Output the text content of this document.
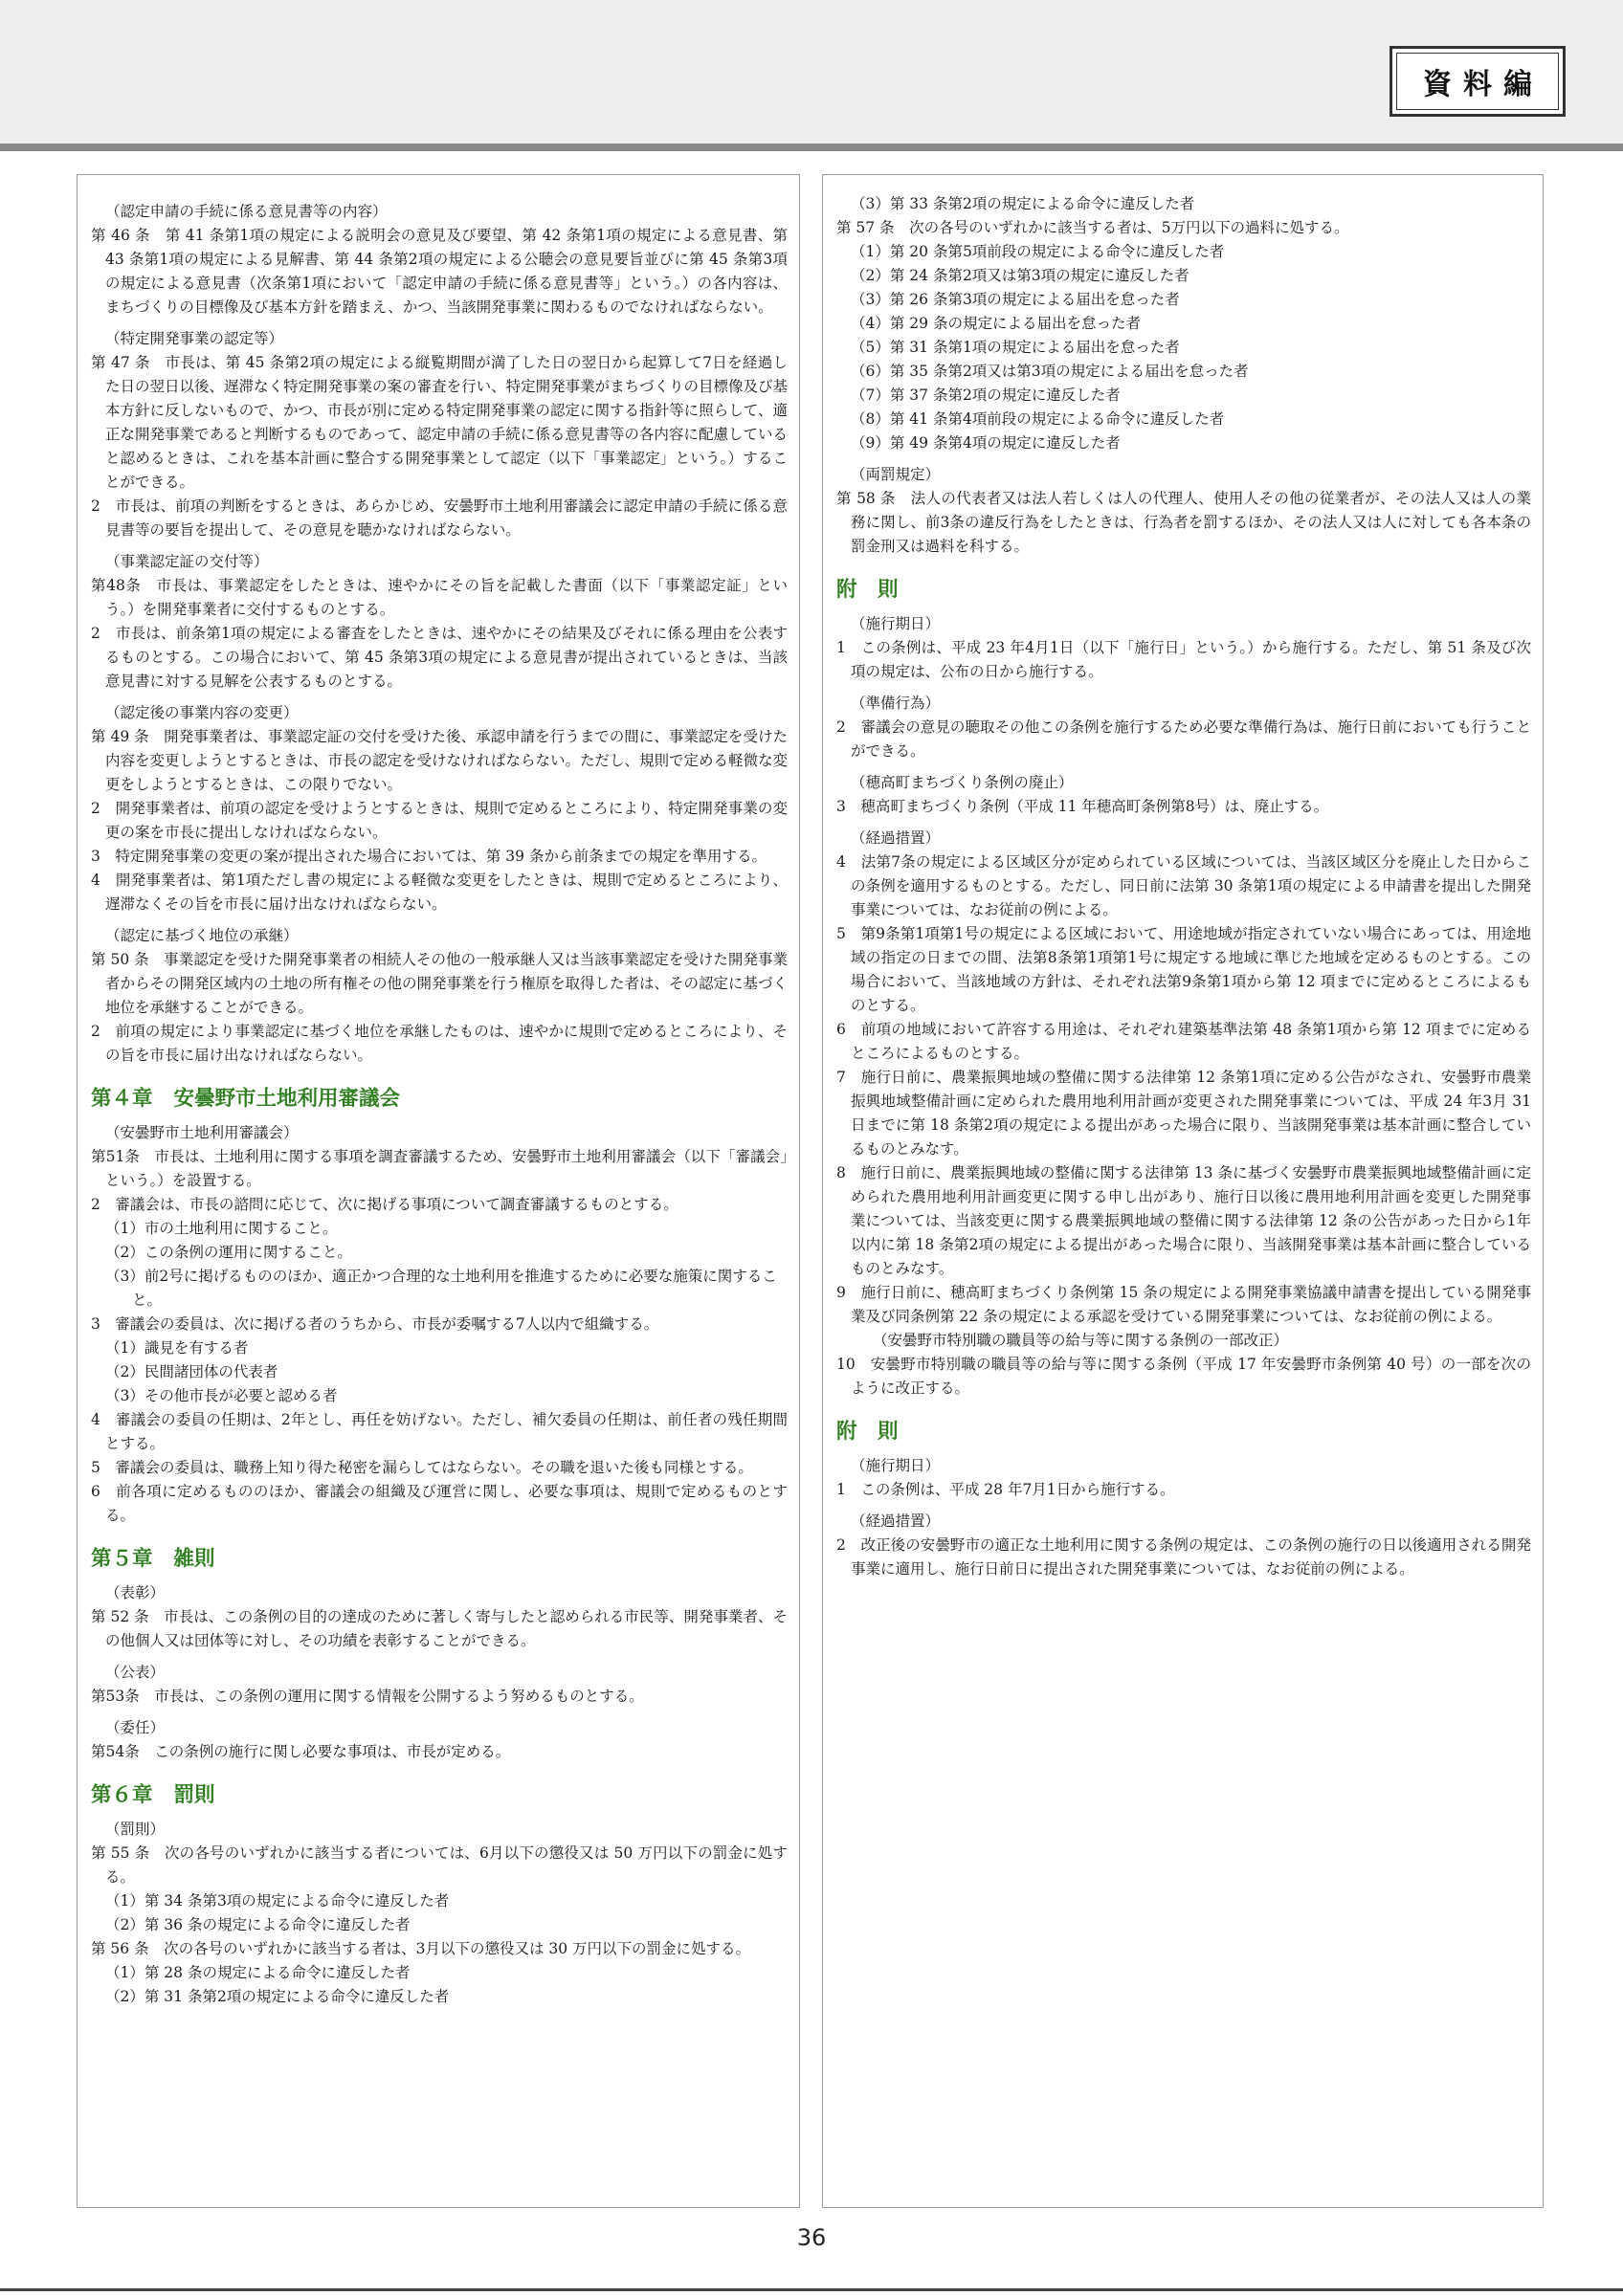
資料編
（認定申請の手続に係る意見書等の内容）
第 46 条　第 41 条第1項の規定による説明会の意見及び要望、第 42 条第1項の規定による意見書、第 43 条第1項の規定による見解書、第 44 条第2項の規定による公聴会の意見要旨並びに第 45 条第3項の規定による意見書（次条第1項において「認定申請の手続に係る意見書等」という。）の各内容は、まちづくりの目標像及び基本方針を踏まえ、かつ、当該開発事業に関わるものでなければならない。
（特定開発事業の認定等）
第 47 条　市長は、第 45 条第2項の規定による縦覧期間が満了した日の翌日から起算して7日を経過した日の翌日以後、遅滞なく特定開発事業の案の審査を行い、特定開発事業がまちづくりの目標像及び基本方針に反しないもので、かつ、市長が別に定める特定開発事業の認定に関する指針等に照らして、適正な開発事業であると判断するものであって、認定申請の手続に係る意見書等の各内容に配慮していると認めるときは、これを基本計画に整合する開発事業として認定（以下「事業認定」という。）することができる。
2　市長は、前項の判断をするときは、あらかじめ、安曇野市土地利用審議会に認定申請の手続に係る意見書等の要旨を提出して、その意見を聴かなければならない。
（事業認定証の交付等）
第48条　市長は、事業認定をしたときは、速やかにその旨を記載した書面（以下「事業認定証」という。）を開発事業者に交付するものとする。
2　市長は、前条第1項の規定による審査をしたときは、速やかにその結果及びそれに係る理由を公表するものとする。この場合において、第 45 条第3項の規定による意見書が提出されているときは、当該意見書に対する見解を公表するものとする。
（認定後の事業内容の変更）
第 49 条　開発事業者は、事業認定証の交付を受けた後、承認申請を行うまでの間に、事業認定を受けた内容を変更しようとするときは、市長の認定を受けなければならない。ただし、規則で定める軽微な変更をしようとするときは、この限りでない。
2　開発事業者は、前項の認定を受けようとするときは、規則で定めるところにより、特定開発事業の変更の案を市長に提出しなければならない。
3　特定開発事業の変更の案が提出された場合においては、第 39 条から前条までの規定を準用する。
4　開発事業者は、第1項ただし書の規定による軽微な変更をしたときは、規則で定めるところにより、遅滞なくその旨を市長に届け出なければならない。
（認定に基づく地位の承継）
第 50 条　事業認定を受けた開発事業者の相続人その他の一般承継人又は当該事業認定を受けた開発事業者からその開発区域内の土地の所有権その他の開発事業を行う権原を取得した者は、その認定に基づく地位を承継することができる。
2　前項の規定により事業認定に基づく地位を承継したものは、速やかに規則で定めるところにより、その旨を市長に届け出なければならない。
第４章 安曇野市土地利用審議会
（安曇野市土地利用審議会）
第51条　市長は、土地利用に関する事項を調査審議するため、安曇野市土地利用審議会（以下「審議会」という。）を設置する。
2　審議会は、市長の諮問に応じて、次に掲げる事項について調査審議するものとする。
（1）市の土地利用に関すること。
（2）この条例の運用に関すること。
（3）前2号に掲げるもののほか、適正かつ合理的な土地利用を推進するために必要な施策に関すること。
3　審議会の委員は、次に掲げる者のうちから、市長が委嘱する7人以内で組織する。
（1）識見を有する者
（2）民間諸団体の代表者
（3）その他市長が必要と認める者
4　審議会の委員の任期は、2年とし、再任を妨げない。ただし、補欠委員の任期は、前任者の残任期間とする。
5　審議会の委員は、職務上知り得た秘密を漏らしてはならない。その職を退いた後も同様とする。
6　前各項に定めるもののほか、審議会の組織及び運営に関し、必要な事項は、規則で定めるものとする。
第５章 雑則
（表彰）
第 52 条　市長は、この条例の目的の達成のために著しく寄与したと認められる市民等、開発事業者、その他個人又は団体等に対し、その功績を表彰することができる。
（公表）
第53条　市長は、この条例の運用に関する情報を公開するよう努めるものとする。
（委任）
第54条　この条例の施行に関し必要な事項は、市長が定める。
第６章 罰則
（罰則）
第 55 条　次の各号のいずれかに該当する者については、6月以下の懲役又は 50 万円以下の罰金に処する。
（1）第 34 条第3項の規定による命令に違反した者
（2）第 36 条の規定による命令に違反した者
第 56 条　次の各号のいずれかに該当する者は、3月以下の懲役又は 30 万円以下の罰金に処する。
（1）第 28 条の規定による命令に違反した者
（2）第 31 条第2項の規定による命令に違反した者
（3）第 33 条第2項の規定による命令に違反した者
第 57 条　次の各号のいずれかに該当する者は、5万円以下の過料に処する。
（1）第 20 条第5項前段の規定による命令に違反した者
（2）第 24 条第2項又は第3項の規定に違反した者
（3）第 26 条第3項の規定による届出を怠った者
（4）第 29 条の規定による届出を怠った者
（5）第 31 条第1項の規定による届出を怠った者
（6）第 35 条第2項又は第3項の規定による届出を怠った者
（7）第 37 条第2項の規定に違反した者
（8）第 41 条第4項前段の規定による命令に違反した者
（9）第 49 条第4項の規定に違反した者
（両罰規定）
第 58 条　法人の代表者又は法人若しくは人の代理人、使用人その他の従業者が、その法人又は人の業務に関し、前3条の違反行為をしたときは、行為者を罰するほか、その法人又は人に対しても各本条の罰金刑又は過料を科する。
附　則
（施行期日）
1　この条例は、平成 23 年4月1日（以下「施行日」という。）から施行する。ただし、第 51 条及び次項の規定は、公布の日から施行する。
（準備行為）
2　審議会の意見の聴取その他この条例を施行するため必要な準備行為は、施行日前においても行うことができる。
（穂高町まちづくり条例の廃止）
3　穂高町まちづくり条例（平成 11 年穂高町条例第8号）は、廃止する。
（経過措置）
4　法第7条の規定による区域区分が定められている区域については、当該区域区分を廃止した日からこの条例を適用するものとする。ただし、同日前に法第 30 条第1項の規定による申請書を提出した開発事業については、なお従前の例による。
5　第9条第1項第1号の規定による区域において、用途地域が指定されていない場合にあっては、用途地域の指定の日までの間、法第8条第1項第1号に規定する地域に準じた地域を定めるものとする。この場合において、当該地域の方針は、それぞれ法第9条第1項から第 12 項までに定めるところによるものとする。
6　前項の地域において許容する用途は、それぞれ建築基準法第 48 条第1項から第 12 項までに定めるところによるものとする。
7　施行日前に、農業振興地域の整備に関する法律第 12 条第1項に定める公告がなされ、安曇野市農業振興地域整備計画に定められた農用地利用計画が変更された開発事業については、平成 24 年3月 31 日までに第 18 条第2項の規定による提出があった場合に限り、当該開発事業は基本計画に整合しているものとみなす。
8　施行日前に、農業振興地域の整備に関する法律第 13 条に基づく安曇野市農業振興地域整備計画に定められた農用地利用計画変更に関する申し出があり、施行日以後に農用地利用計画を変更した開発事業については、当該変更に関する農業振興地域の整備に関する法律第 12 条の公告があった日から1年以内に第 18 条第2項の規定による提出があった場合に限り、当該開発事業は基本計画に整合しているものとみなす。
9　施行日前に、穂高町まちづくり条例第 15 条の規定による開発事業協議申請書を提出している開発事業及び同条例第 22 条の規定による承認を受けている開発事業については、なお従前の例による。
（安曇野市特別職の職員等の給与等に関する条例の一部改正）
10　安曇野市特別職の職員等の給与等に関する条例（平成 17 年安曇野市条例第 40 号）の一部を次のように改正する。
附　則
（施行期日）
1　この条例は、平成 28 年7月1日から施行する。
（経過措置）
2　改正後の安曇野市の適正な土地利用に関する条例の規定は、この条例の施行の日以後適用される開発事業に適用し、施行日前日に提出された開発事業については、なお従前の例による。
36
